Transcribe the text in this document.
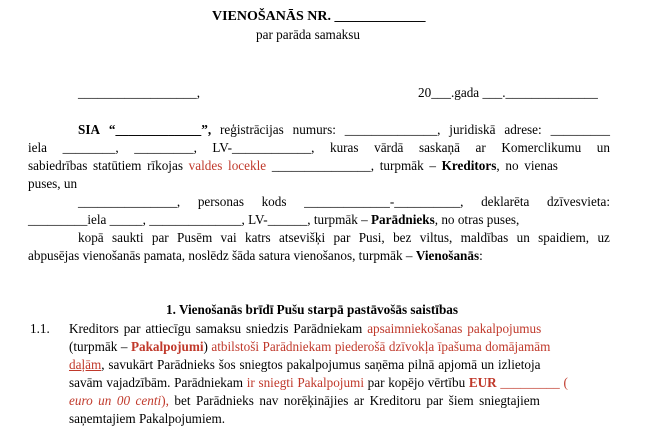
VIENOŠANĀS NR. _____________
par parāda samaksu
__________________,	20___.gada ___.______________
SIA “_____________”, reģistrācijas numurs: ______________, juridiskā adrese: _________
iela ________, _________, LV-____________, kuras vārdā saskaņā ar Komerclikumu un
sabiedrības statūtiem rīkojas valdes locekle _______________, turpmāk – Kreditors, no vienas
puses, un
_______________, personas kods _____________-__________, deklarēta dzīvesvieta:
_________iela _____, ______________, LV-______, turpmāk – Parādnieks, no otras puses,
kopā saukti par Pusēm vai katrs atsevišķi par Pusi, bez viltus, maldības un spaidiem, uz
abpusējas vienošanās pamata, noslēdz šāda satura vienošanos, turpmāk – Vienošanās:
1. Vienošanās brīdī Pušu starpā pastāvošās saistības
1.1. Kreditors par attiecīgu samaksu sniedzis Parādniekam apsaimniekošanas pakalpojumus
(turpmāk – Pakalpojumi) atbilstoši Parādniekam piederošā dzīvokļa īpašuma domājamām
daļām, savukārt Parādnieks šos sniegtos pakalpojumus saņēma pilnā apjomā un izlietoja
savām vajadzībām. Parādniekam ir sniegti Pakalpojumi par kopējo vērtību EUR _________ (
euro un 00 centi), bet Parādnieks nav norēķinājies ar Kreditoru par šiem sniegtajiem
saņemtajiem Pakalpojumiem.
